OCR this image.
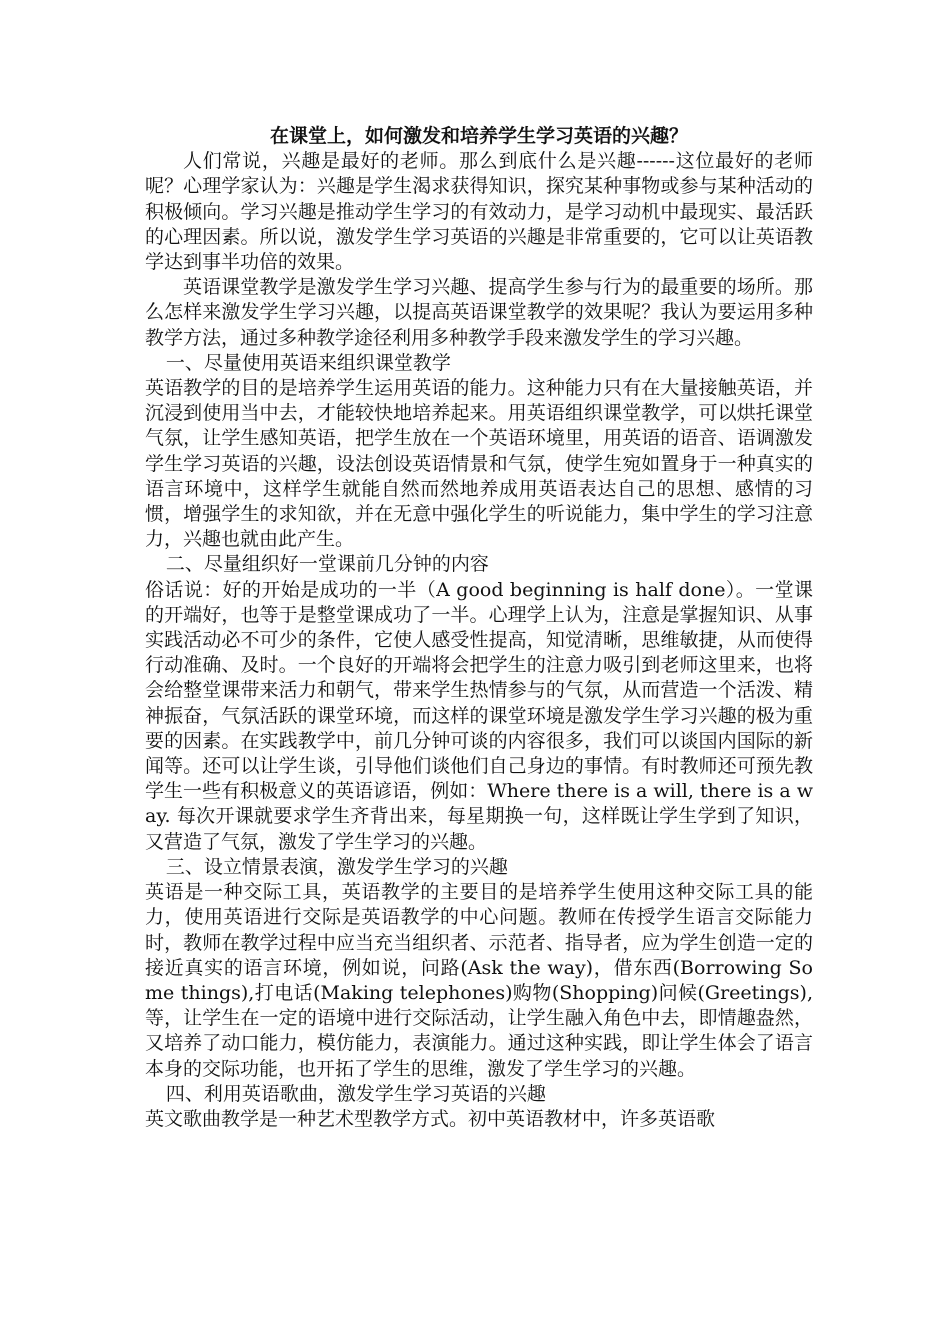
在课堂上，如何激发和培养学生学习英语的兴趣？

人们常说，兴趣是最好的老师。那么到底什么是兴趣------这位最好的老师呢？心理学家认为：兴趣是学生渴求获得知识，探究某种事物或参与某种活动的积极倾向。学习兴趣是推动学生学习的有效动力，是学习动机中最现实、最活跃的心理因素。所以说，激发学生学习英语的兴趣是非常重要的，它可以让英语教学达到事半功倍的效果。

英语课堂教学是激发学生学习兴趣、提高学生参与行为的最重要的场所。那么怎样来激发学生学习兴趣，以提高英语课堂教学的效果呢？我认为要运用多种教学方法，通过多种教学途径利用多种教学手段来激发学生的学习兴趣。

一、尽量使用英语来组织课堂教学

英语教学的目的是培养学生运用英语的能力。这种能力只有在大量接触英语，并沉浸到使用当中去，才能较快地培养起来。用英语组织课堂教学，可以烘托课堂气氛，让学生感知英语，把学生放在一个英语环境里，用英语的语音、语调激发学生学习英语的兴趣，设法创设英语情景和气氛，使学生宛如置身于一种真实的语言环境中，这样学生就能自然而然地养成用英语表达自己的思想、感情的习惯，增强学生的求知欲，并在无意中强化学生的听说能力，集中学生的学习注意力，兴趣也就由此产生。

二、尽量组织好一堂课前几分钟的内容

俗话说：好的开始是成功的一半（A good beginning is half done）。一堂课的开端好，也等于是整堂课成功了一半。心理学上认为，注意是掌握知识、从事实践活动必不可少的条件，它使人感受性提高，知觉清晰，思维敏捷，从而使得行动准确、及时。一个良好的开端将会把学生的注意力吸引到老师这里来，也将会给整堂课带来活力和朝气，带来学生热情参与的气氛，从而营造一个活泼、精神振奋，气氛活跃的课堂环境，而这样的课堂环境是激发学生学习兴趣的极为重要的因素。在实践教学中，前几分钟可谈的内容很多，我们可以谈国内国际的新闻等。还可以让学生谈，引导他们谈他们自己身边的事情。有时教师还可预先教学生一些有积极意义的英语谚语，例如：Where there is a will, there is a way. 每次开课就要求学生齐背出来，每星期换一句，这样既让学生学到了知识，又营造了气氛，激发了学生学习的兴趣。

三、设立情景表演，激发学生学习的兴趣

英语是一种交际工具，英语教学的主要目的是培养学生使用这种交际工具的能力，使用英语进行交际是英语教学的中心问题。教师在传授学生语言交际能力时，教师在教学过程中应当充当组织者、示范者、指导者，应为学生创造一定的接近真实的语言环境，例如说，问路(Ask the way)，借东西(Borrowing Some things),打电话(Making telephones)购物(Shopping)问候(Greetings),等，让学生在一定的语境中进行交际活动，让学生融入角色中去，即情趣盎然，又培养了动口能力，模仿能力，表演能力。通过这种实践，即让学生体会了语言本身的交际功能，也开拓了学生的思维，激发了学生学习的兴趣。

四、利用英语歌曲，激发学生学习英语的兴趣

英文歌曲教学是一种艺术型教学方式。初中英语教材中，许多英语歌
